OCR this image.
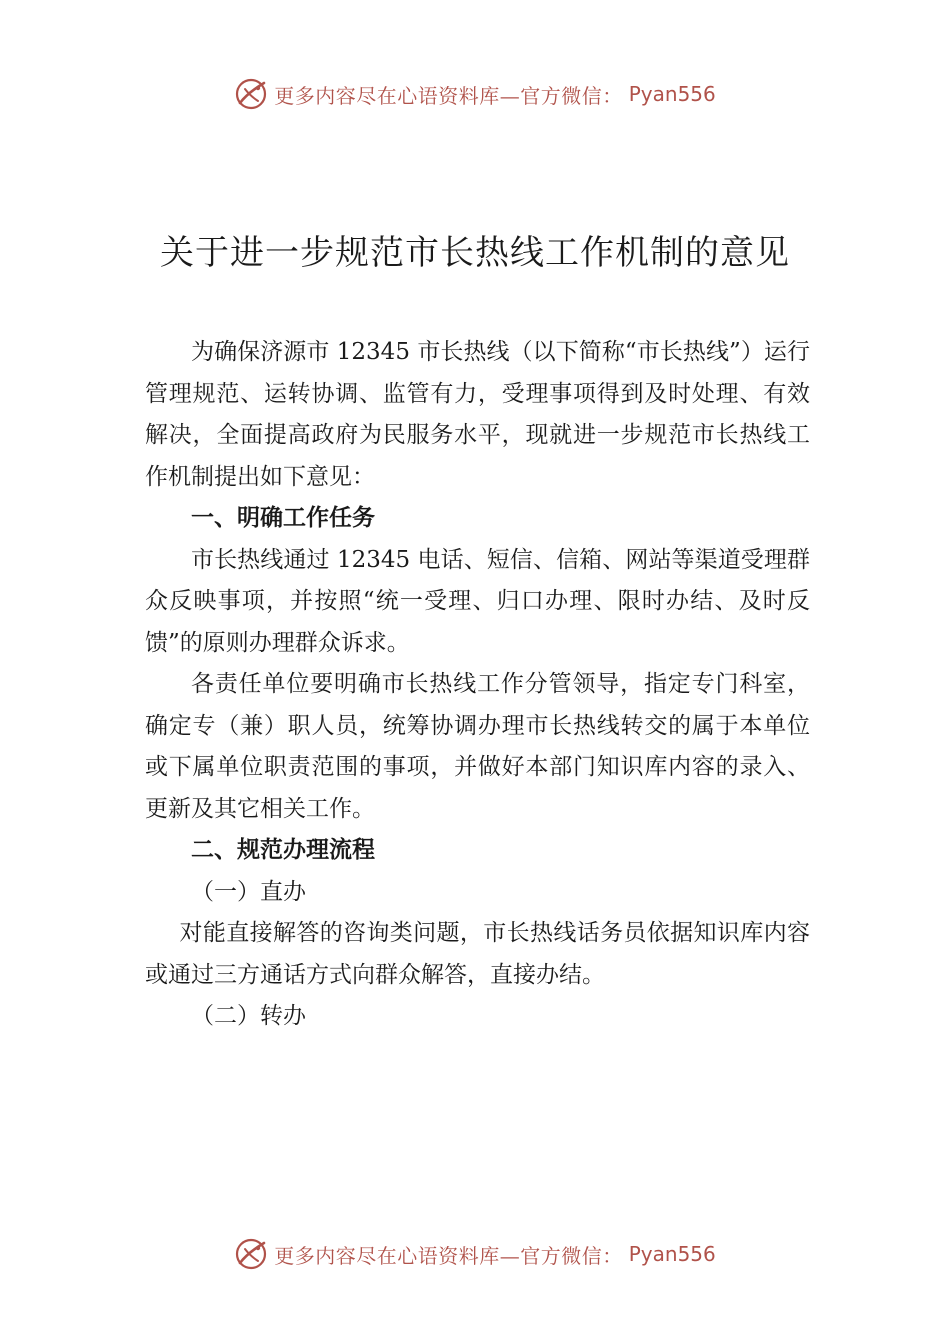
更多内容尽在心语资料库—官方微信： Pyan556
关于进一步规范市长热线工作机制的意见

为确保济源市 12345 市长热线（以下简称“市长热线”）运行管理规范、运转协调、监管有力，受理事项得到及时处理、有效解决，全面提高政府为民服务水平，现就进一步规范市长热线工作机制提出如下意见：

一、明确工作任务

市长热线通过 12345 电话、短信、信箱、网站等渠道受理群众反映事项，并按照“统一受理、归口办理、限时办结、及时反馈”的原则办理群众诉求。

各责任单位要明确市长热线工作分管领导，指定专门科室，确定专（兼）职人员，统筹协调办理市长热线转交的属于本单位或下属单位职责范围的事项，并做好本部门知识库内容的录入、更新及其它相关工作。

二、规范办理流程

（一）直办

对能直接解答的咨询类问题，市长热线话务员依据知识库内容或通过三方通话方式向群众解答，直接办结。

（二）转办

更多内容尽在心语资料库—官方微信： Pyan556
